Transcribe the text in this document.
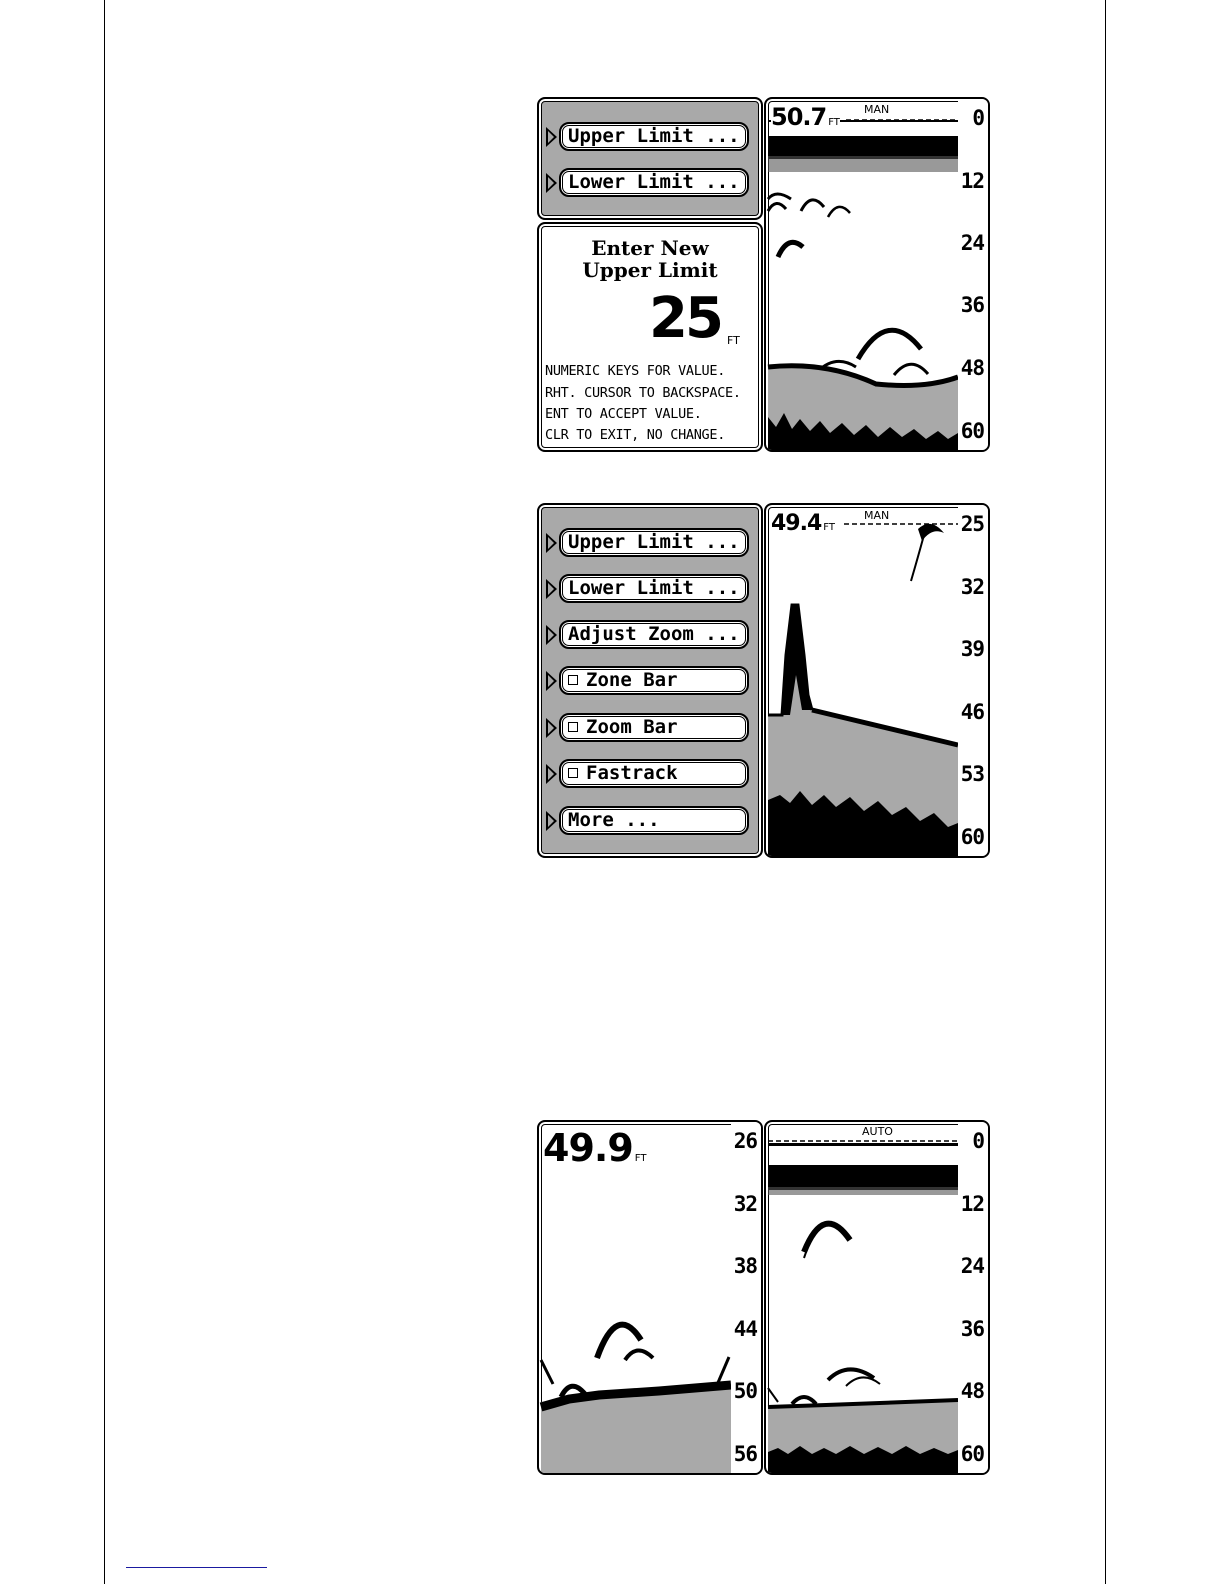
Upper Limit ...
Lower Limit ...
Enter New
Upper Limit
25 FT
NUMERIC KEYS FOR VALUE.
RHT. CURSOR TO BACKSPACE.
ENT TO ACCEPT VALUE.
CLR TO EXIT, NO CHANGE.
50.7 FT
MAN	0
12
24
36
48
60
Upper Limit ...
Lower Limit ...
Adjust Zoom ...
Zone Bar
Zoom Bar
Fastrack
More ...
49.4 FT
MAN	25
32
39
46
53
60
49.9 FT
26
32
38
44
50
56
AUTO	0
12
24
36
48
60
